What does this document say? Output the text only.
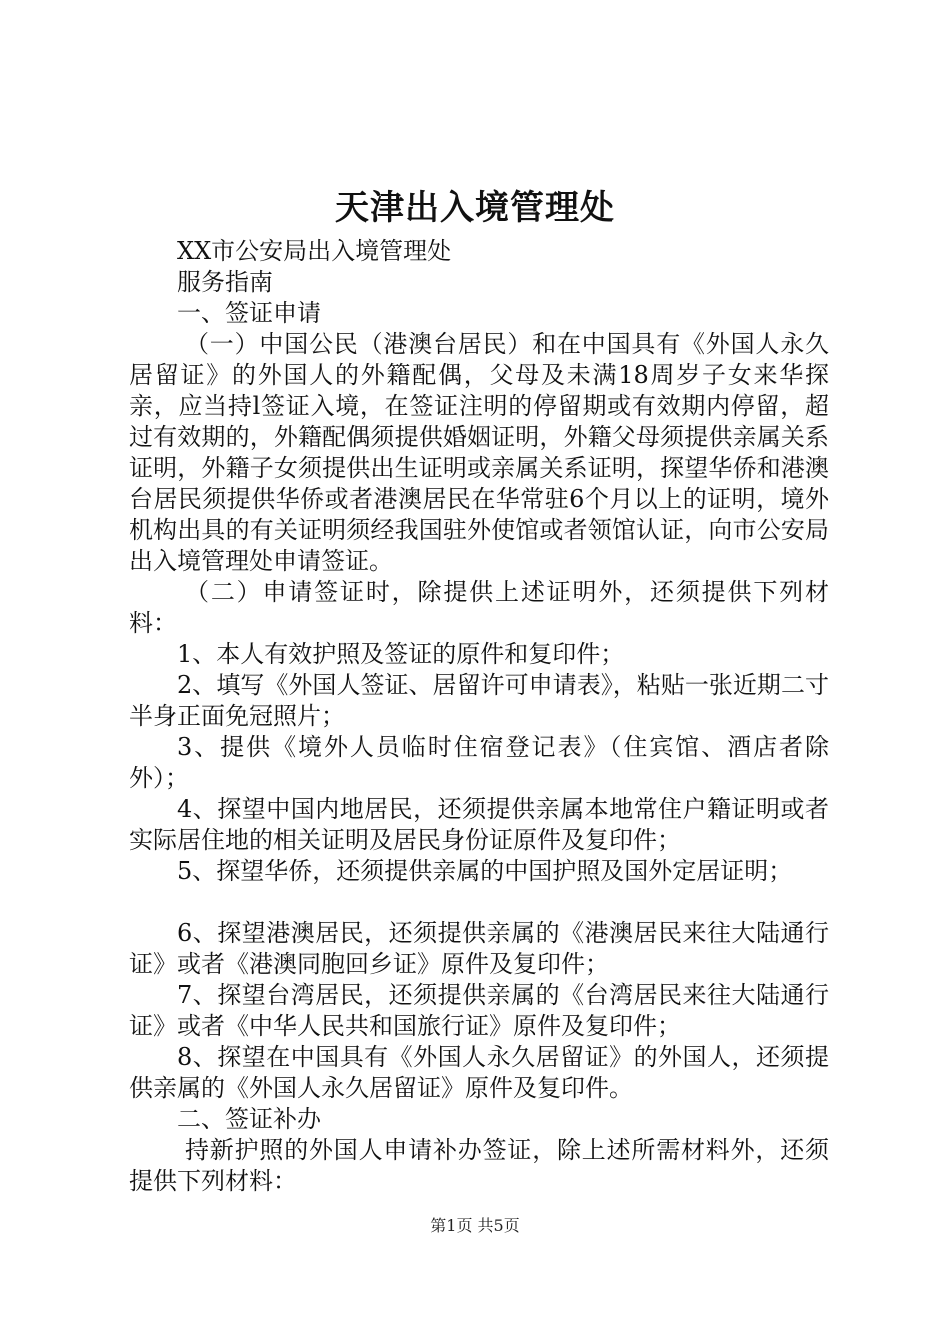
天津出入境管理处

XX市公安局出入境管理处

服务指南

一、签证申请

（一）中国公民（港澳台居民）和在中国具有《外国人永久居留证》的外国人的外籍配偶，父母及未满18周岁子女来华探亲，应当持l签证入境，在签证注明的停留期或有效期内停留，超过有效期的，外籍配偶须提供婚姻证明，外籍父母须提供亲属关系证明，外籍子女须提供出生证明或亲属关系证明，探望华侨和港澳台居民须提供华侨或者港澳居民在华常驻6个月以上的证明，境外机构出具的有关证明须经我国驻外使馆或者领馆认证，向市公安局出入境管理处申请签证。

（二）申请签证时，除提供上述证明外，还须提供下列材料：

1、本人有效护照及签证的原件和复印件；

2、填写《外国人签证、居留许可申请表》，粘贴一张近期二寸半身正面免冠照片；

3、提供《境外人员临时住宿登记表》（住宾馆、酒店者除外）；

4、探望中国内地居民，还须提供亲属本地常住户籍证明或者实际居住地的相关证明及居民身份证原件及复印件；

5、探望华侨，还须提供亲属的中国护照及国外定居证明；

6、探望港澳居民，还须提供亲属的《港澳居民来往大陆通行证》或者《港澳同胞回乡证》原件及复印件；

7、探望台湾居民，还须提供亲属的《台湾居民来往大陆通行证》或者《中华人民共和国旅行证》原件及复印件；

8、探望在中国具有《外国人永久居留证》的外国人，还须提供亲属的《外国人永久居留证》原件及复印件。

二、签证补办

持新护照的外国人申请补办签证，除上述所需材料外，还须提供下列材料：

第1页 共5页
